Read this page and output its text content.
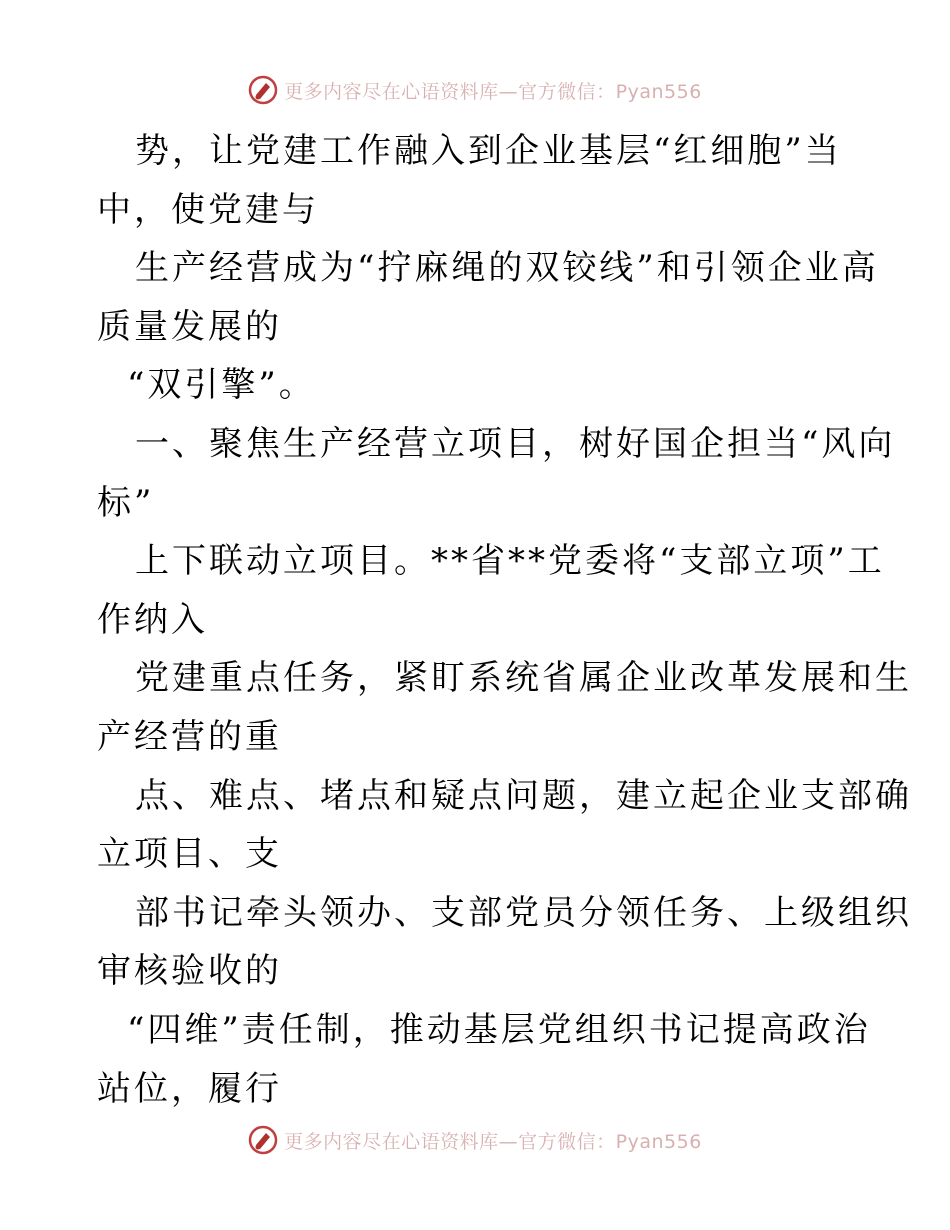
更多内容尽在心语资料库—官方微信：Pyan556
势，让党建工作融入到企业基层“红细胞”当
中，使党建与
生产经营成为“拧麻绳的双铰线”和引领企业高
质量发展的
“双引擎”。
一、聚焦生产经营立项目，树好国企担当“风向
标”
上下联动立项目。**省**党委将“支部立项”工
作纳入
党建重点任务，紧盯系统省属企业改革发展和生
产经营的重
点、难点、堵点和疑点问题，建立起企业支部确
立项目、支
部书记牵头领办、支部党员分领任务、上级组织
审核验收的
“四维”责任制，推动基层党组织书记提高政治
站位，履行
更多内容尽在心语资料库—官方微信：Pyan556
